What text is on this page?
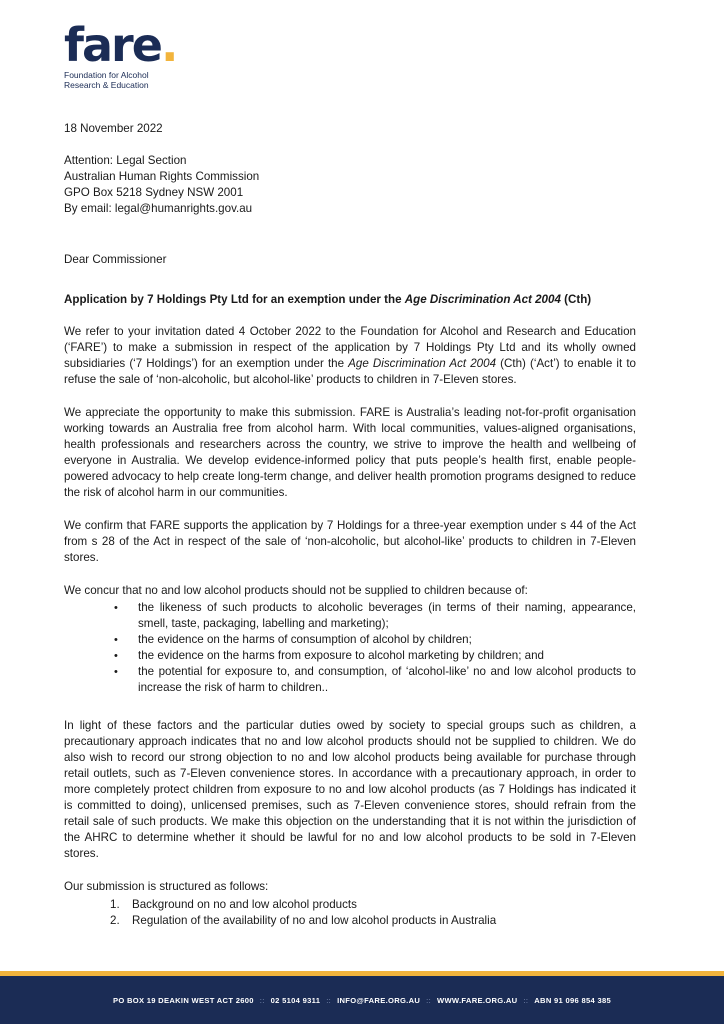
fare.
Foundation for Alcohol
Research & Education

18 November 2022

Attention: Legal Section
Australian Human Rights Commission
GPO Box 5218 Sydney NSW 2001
By email: legal@humanrights.gov.au

Dear Commissioner

Application by 7 Holdings Pty Ltd for an exemption under the Age Discrimination Act 2004 (Cth)

We refer to your invitation dated 4 October 2022 to the Foundation for Alcohol and Research and Education (‘FARE’) to make a submission in respect of the application by 7 Holdings Pty Ltd and its wholly owned subsidiaries (‘7 Holdings’) for an exemption under the Age Discrimination Act 2004 (Cth) (‘Act’) to enable it to refuse the sale of ‘non-alcoholic, but alcohol-like’ products to children in 7-Eleven stores.

We appreciate the opportunity to make this submission. FARE is Australia’s leading not-for-profit organisation working towards an Australia free from alcohol harm. With local communities, values-aligned organisations, health professionals and researchers across the country, we strive to improve the health and wellbeing of everyone in Australia. We develop evidence-informed policy that puts people’s health first, enable people-powered advocacy to help create long-term change, and deliver health promotion programs designed to reduce the risk of alcohol harm in our communities.

We confirm that FARE supports the application by 7 Holdings for a three-year exemption under s 44 of the Act from s 28 of the Act in respect of the sale of ‘non-alcoholic, but alcohol-like’ products to children in 7-Eleven stores.

We concur that no and low alcohol products should not be supplied to children because of:

• the likeness of such products to alcoholic beverages (in terms of their naming, appearance, smell, taste, packaging, labelling and marketing);
• the evidence on the harms of consumption of alcohol by children;
• the evidence on the harms from exposure to alcohol marketing by children; and
• the potential for exposure to, and consumption, of ‘alcohol-like’ no and low alcohol products to increase the risk of harm to children..

In light of these factors and the particular duties owed by society to special groups such as children, a precautionary approach indicates that no and low alcohol products should not be supplied to children. We do also wish to record our strong objection to no and low alcohol products being available for purchase through retail outlets, such as 7-Eleven convenience stores. In accordance with a precautionary approach, in order to more completely protect children from exposure to no and low alcohol products (as 7 Holdings has indicated it is committed to doing), unlicensed premises, such as 7-Eleven convenience stores, should refrain from the retail sale of such products. We make this objection on the understanding that it is not within the jurisdiction of the AHRC to determine whether it should be lawful for no and low alcohol products to be sold in 7-Eleven stores.

Our submission is structured as follows:

1. Background on no and low alcohol products
2. Regulation of the availability of no and low alcohol products in Australia
PO BOX 19 DEAKIN WEST ACT 2600 :: 02 5104 9311 :: INFO@FARE.ORG.AU :: WWW.FARE.ORG.AU :: ABN 91 096 854 385
